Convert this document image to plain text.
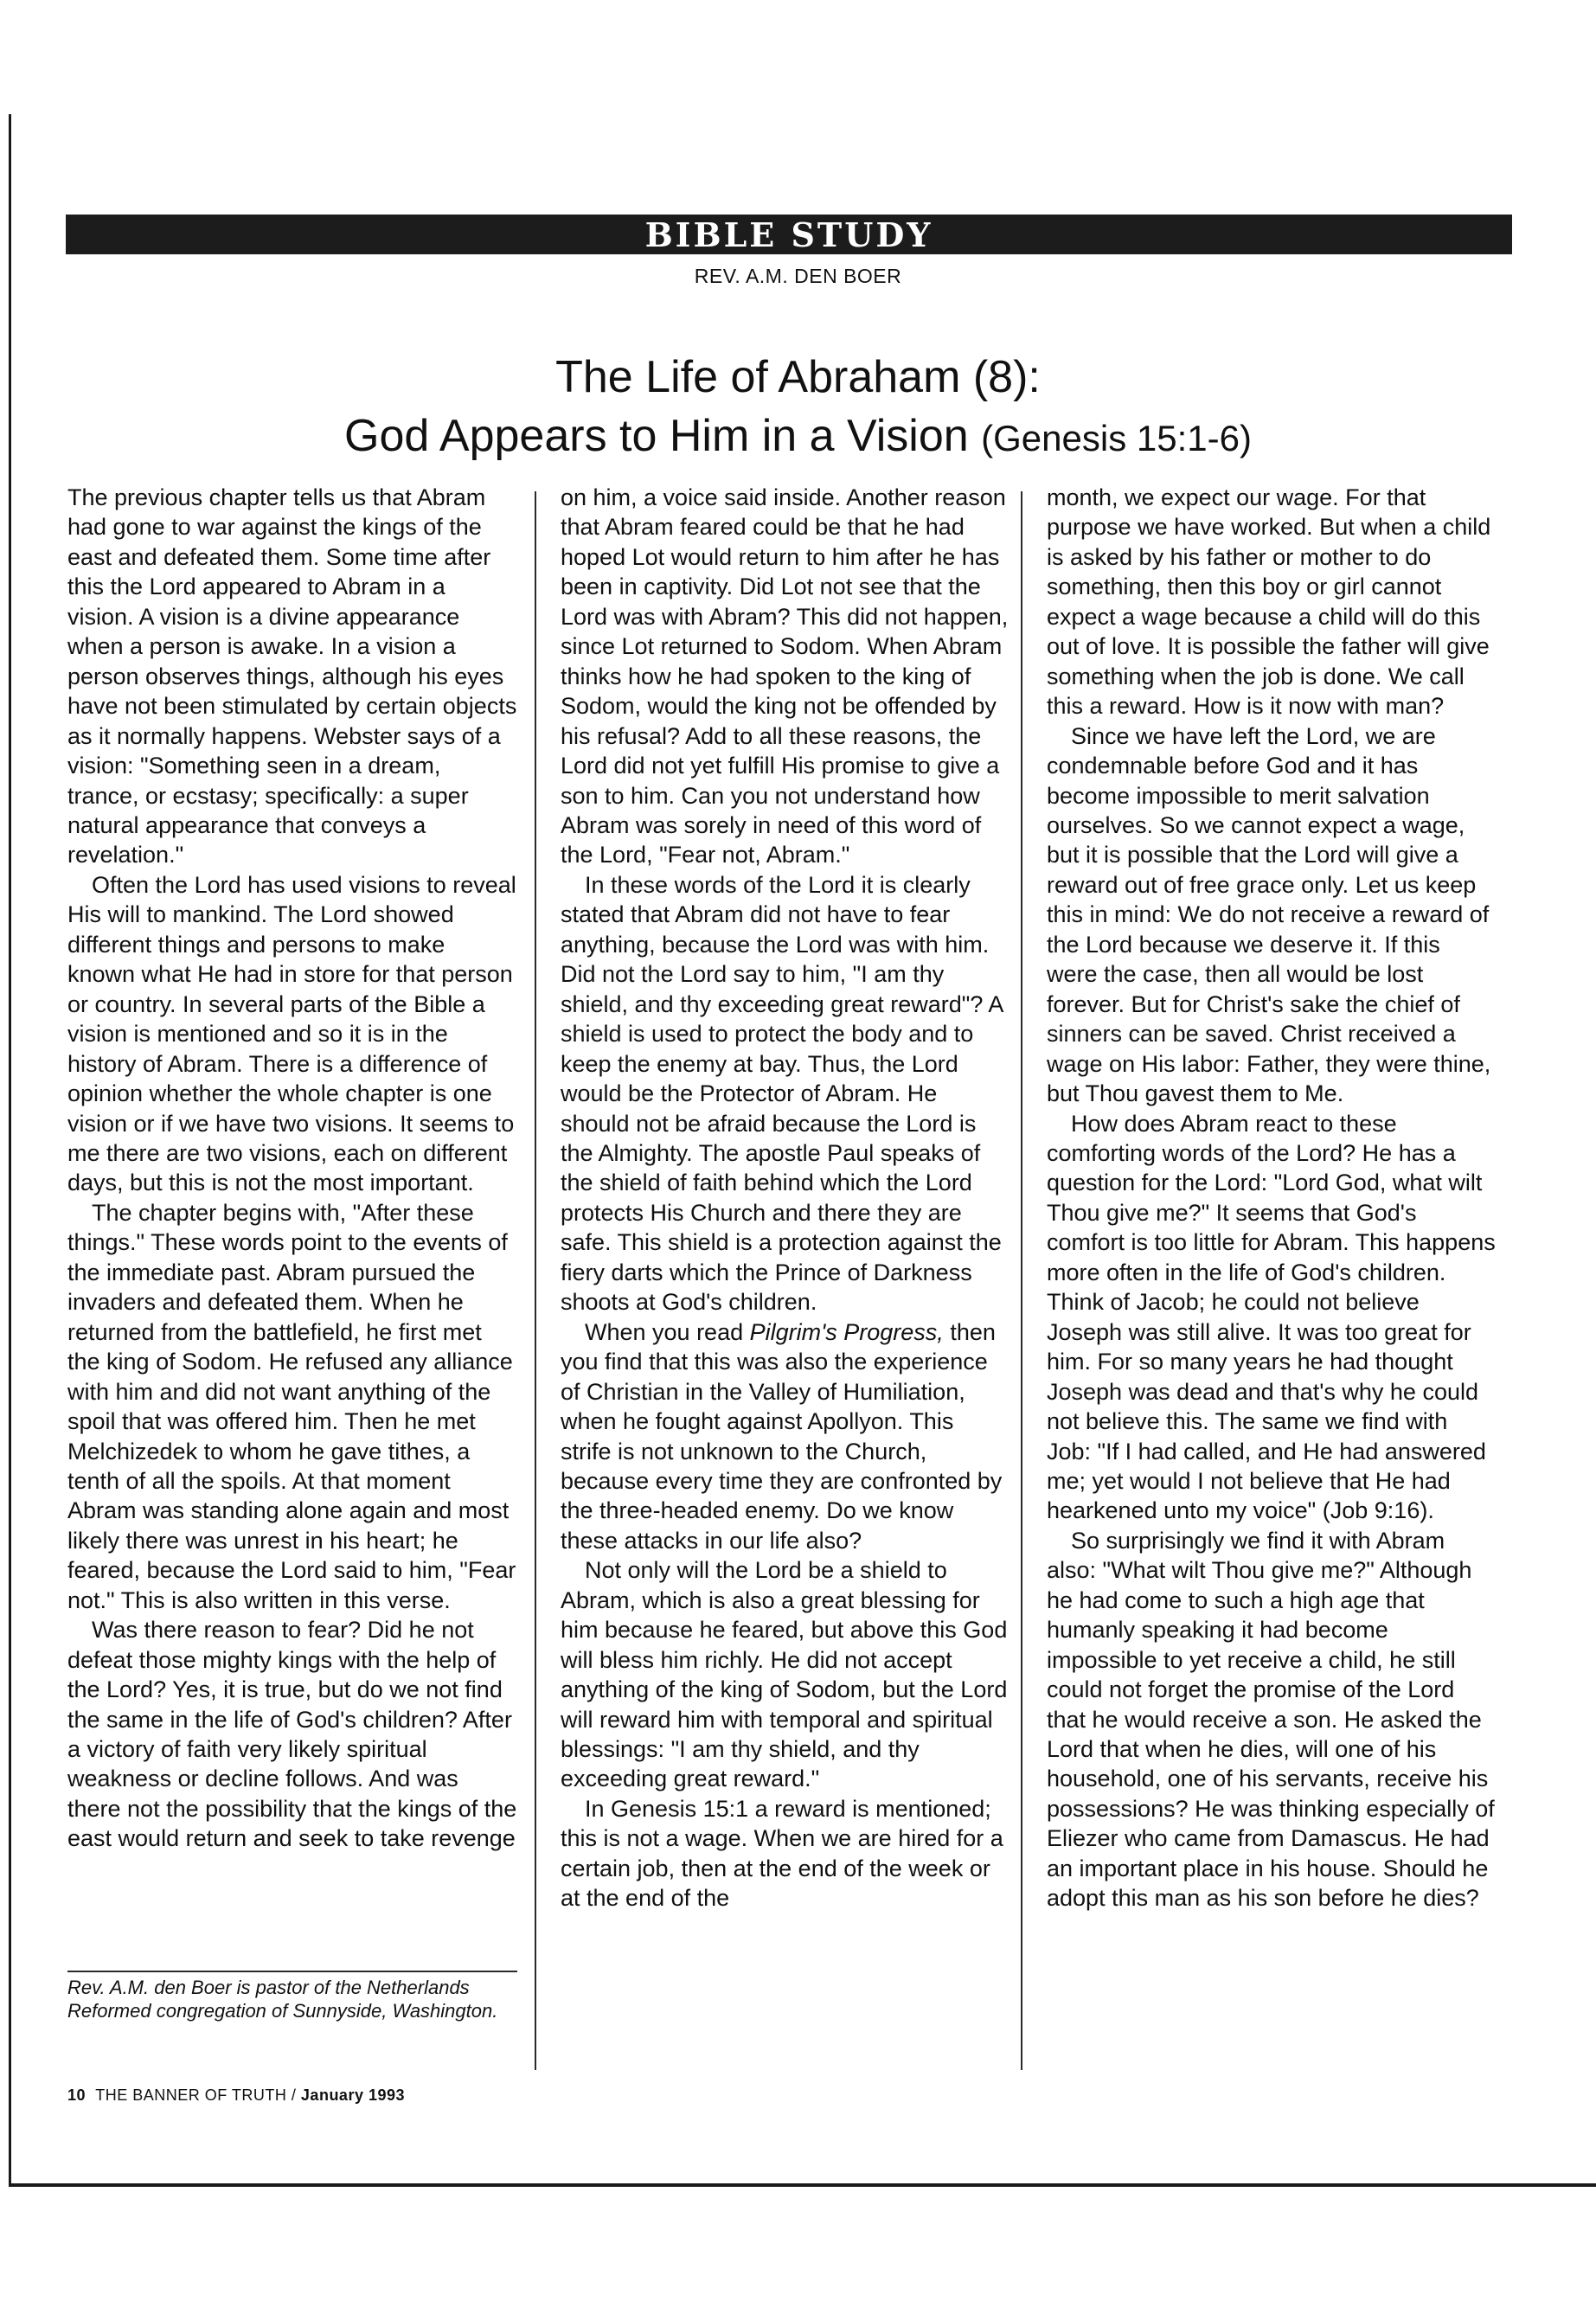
BIBLE STUDY
REV. A.M. DEN BOER
The Life of Abraham (8):
God Appears to Him in a Vision (Genesis 15:1-6)

The previous chapter tells us that Abram had gone to war against the kings of the east and defeated them. Some time after this the Lord appeared to Abram in a vision. A vision is a divine appearance when a person is awake. In a vision a person observes things, although his eyes have not been stimulated by certain objects as it normally happens. Webster says of a vision: "Something seen in a dream, trance, or ecstasy; specifically: a super natural appearance that conveys a revelation."

Often the Lord has used visions to reveal His will to mankind. The Lord showed different things and persons to make known what He had in store for that person or country. In several parts of the Bible a vision is mentioned and so it is in the history of Abram. There is a difference of opinion whether the whole chapter is one vision or if we have two visions. It seems to me there are two visions, each on different days, but this is not the most important.

The chapter begins with, "After these things." These words point to the events of the immediate past. Abram pursued the invaders and defeated them. When he returned from the battlefield, he first met the king of Sodom. He refused any alliance with him and did not want anything of the spoil that was offered him. Then he met Melchizedek to whom he gave tithes, a tenth of all the spoils. At that moment Abram was standing alone again and most likely there was unrest in his heart; he feared, because the Lord said to him, "Fear not." This is also written in this verse.

Was there reason to fear? Did he not defeat those mighty kings with the help of the Lord? Yes, it is true, but do we not find the same in the life of God's children? After a victory of faith very likely spiritual weakness or decline follows. And was there not the possibility that the kings of the east would return and seek to take revenge

on him, a voice said inside. Another reason that Abram feared could be that he had hoped Lot would return to him after he has been in captivity. Did Lot not see that the Lord was with Abram? This did not happen, since Lot returned to Sodom. When Abram thinks how he had spoken to the king of Sodom, would the king not be offended by his refusal? Add to all these reasons, the Lord did not yet fulfill His promise to give a son to him. Can you not understand how Abram was sorely in need of this word of the Lord, "Fear not, Abram."

In these words of the Lord it is clearly stated that Abram did not have to fear anything, because the Lord was with him. Did not the Lord say to him, "I am thy shield, and thy exceeding great reward"? A shield is used to protect the body and to keep the enemy at bay. Thus, the Lord would be the Protector of Abram. He should not be afraid because the Lord is the Almighty. The apostle Paul speaks of the shield of faith behind which the Lord protects His Church and there they are safe. This shield is a protection against the fiery darts which the Prince of Darkness shoots at God's children.

When you read Pilgrim's Progress, then you find that this was also the experience of Christian in the Valley of Humiliation, when he fought against Apollyon. This strife is not unknown to the Church, because every time they are confronted by the three-headed enemy. Do we know these attacks in our life also?

Not only will the Lord be a shield to Abram, which is also a great blessing for him because he feared, but above this God will bless him richly. He did not accept anything of the king of Sodom, but the Lord will reward him with temporal and spiritual blessings: "I am thy shield, and thy exceeding great reward."

In Genesis 15:1 a reward is mentioned; this is not a wage. When we are hired for a certain job, then at the end of the week or at the end of the

month, we expect our wage. For that purpose we have worked. But when a child is asked by his father or mother to do something, then this boy or girl cannot expect a wage because a child will do this out of love. It is possible the father will give something when the job is done. We call this a reward. How is it now with man?

Since we have left the Lord, we are condemnable before God and it has become impossible to merit salvation ourselves. So we cannot expect a wage, but it is possible that the Lord will give a reward out of free grace only. Let us keep this in mind: We do not receive a reward of the Lord because we deserve it. If this were the case, then all would be lost forever. But for Christ's sake the chief of sinners can be saved. Christ received a wage on His labor: Father, they were thine, but Thou gavest them to Me.

How does Abram react to these comforting words of the Lord? He has a question for the Lord: "Lord God, what wilt Thou give me?" It seems that God's comfort is too little for Abram. This happens more often in the life of God's children. Think of Jacob; he could not believe Joseph was still alive. It was too great for him. For so many years he had thought Joseph was dead and that's why he could not believe this. The same we find with Job: "If I had called, and He had answered me; yet would I not believe that He had hearkened unto my voice" (Job 9:16).

So surprisingly we find it with Abram also: "What wilt Thou give me?" Although he had come to such a high age that humanly speaking it had become impossible to yet receive a child, he still could not forget the promise of the Lord that he would receive a son. He asked the Lord that when he dies, will one of his household, one of his servants, receive his possessions? He was thinking especially of Eliezer who came from Damascus. He had an important place in his house. Should he adopt this man as his son before he dies?

Rev. A.M. den Boer is pastor of the Netherlands Reformed congregation of Sunnyside, Washington.
10 THE BANNER OF TRUTH / January 1993
